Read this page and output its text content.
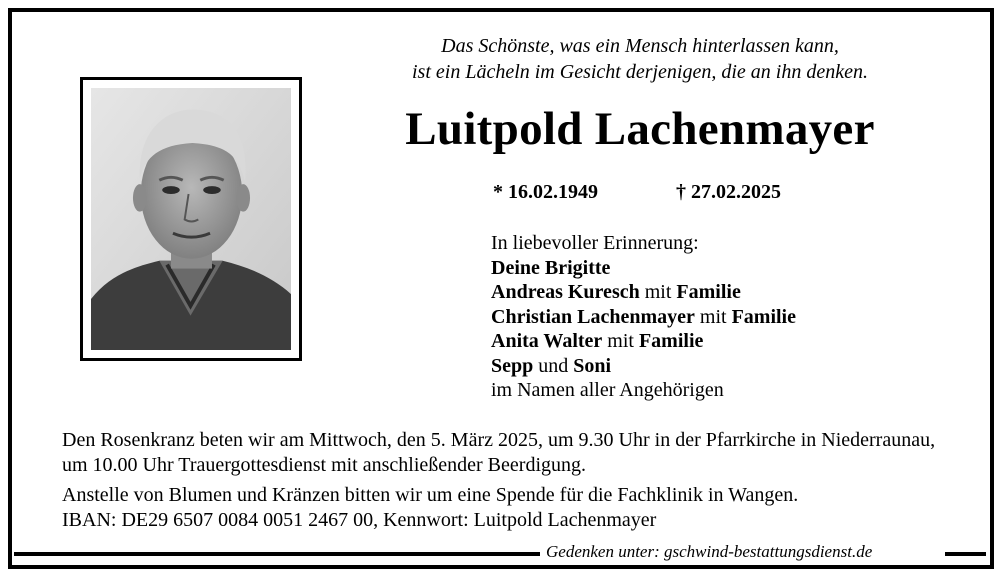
Das Schönste, was ein Mensch hinterlassen kann,
ist ein Lächeln im Gesicht derjenigen, die an ihn denken.
Luitpold Lachenmayer
* 16.02.1949	† 27.02.2025
In liebevoller Erinnerung:
Deine Brigitte
Andreas Kuresch mit Familie
Christian Lachenmayer mit Familie
Anita Walter mit Familie
Sepp und Soni
im Namen aller Angehörigen

Den Rosenkranz beten wir am Mittwoch, den 5. März 2025, um 9.30 Uhr in der Pfarrkirche in Niederraunau, um 10.00 Uhr Trauergottesdienst mit anschließender Beerdigung.

Anstelle von Blumen und Kränzen bitten wir um eine Spende für die Fachklinik in Wangen.
IBAN: DE29 6507 0084 0051 2467 00, Kennwort: Luitpold Lachenmayer

Gedenken unter: gschwind-bestattungsdienst.de
